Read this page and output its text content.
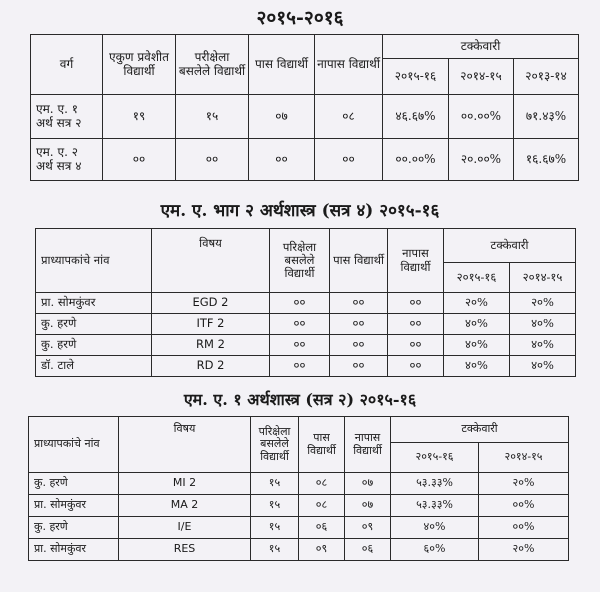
२०१५-२०१६
वर्ग	एकुण प्रवेशीत विद्यार्थी	परीक्षेला बसलेले विद्यार्थी	पास विद्यार्थी	नापास विद्यार्थी	टक्केवारी		
					२०१५-१६	२०१४-१५	२०१३-१४
एम. ए. १
अर्थ सत्र २	१९	१५	०७	०८	४६.६७%	००.००%	७१.४३%
एम. ए. २
अर्थ सत्र ४	००	००	००	००	००.००%	२०.००%	१६.६७%
एम. ए. भाग २ अर्थशास्त्र (सत्र ४) २०१५-१६
प्राध्यापकांचे नांव	विषय	परिक्षेला बसलेले विद्यार्थी	पास विद्यार्थी	नापास विद्यार्थी	टक्केवारी	
					२०१५-१६	२०१४-१५
प्रा. सोमकुंवर	EGD 2	००	००	००	२०%	२०%
कु. हरणे	ITF 2	००	००	००	४०%	४०%
कु. हरणे	RM 2	००	००	००	४०%	४०%
डॉ. टाले	RD 2	००	००	००	४०%	४०%
एम. ए. १ अर्थशास्त्र (सत्र २) २०१५-१६
प्राध्यापकांचे नांव	विषय	परिक्षेला बसलेले विद्यार्थी	पास विद्यार्थी	नापास विद्यार्थी	टक्केवारी	
					२०१५-१६	२०१४-१५
कु. हरणे	MI 2	१५	०८	०७	५३.३३%	२०%
प्रा. सोमकुंवर	MA 2	१५	०८	०७	५३.३३%	००%
कु. हरणे	I/E	१५	०६	०९	४०%	००%
प्रा. सोमकुंवर	RES	१५	०९	०६	६०%	२०%
